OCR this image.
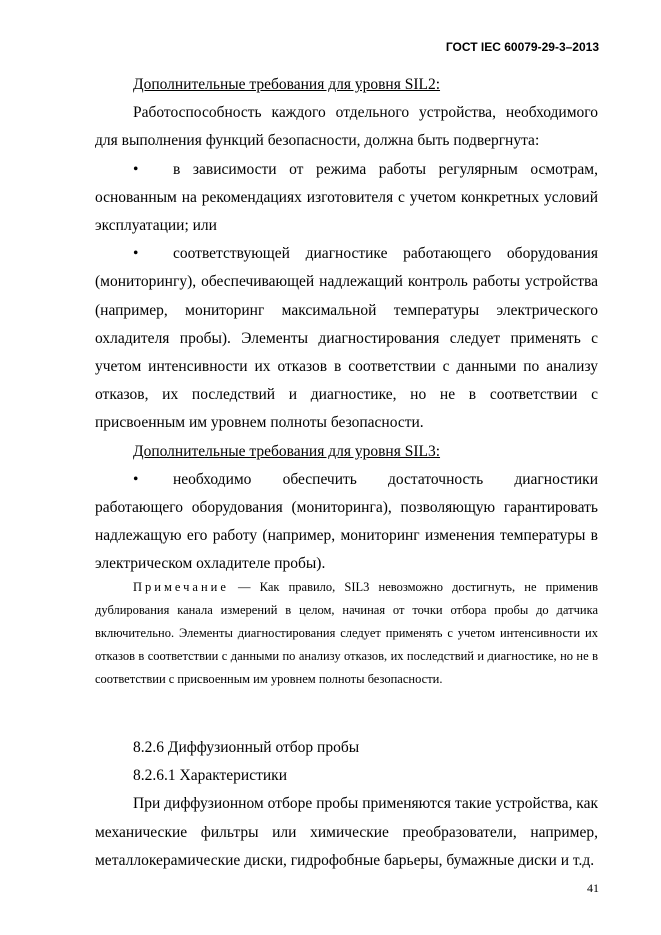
ГОСТ IEC 60079-29-3–2013

Дополнительные требования для уровня SIL2:

Работоспособность каждого отдельного устройства, необходимого для выполнения функций безопасности, должна быть подвергнута:

• в зависимости от режима работы регулярным осмотрам, основанным на рекомендациях изготовителя с учетом конкретных условий эксплуатации; или

• соответствующей диагностике работающего оборудования (мониторингу), обеспечивающей надлежащий контроль работы устройства (например, мониторинг максимальной температуры электрического охладителя пробы). Элементы диагностирования следует применять с учетом интенсивности их отказов в соответствии с данными по анализу отказов, их последствий и диагностике, но не в соответствии с присвоенным им уровнем полноты безопасности.

Дополнительные требования для уровня SIL3:

• необходимо обеспечить достаточность диагностики работающего оборудования (мониторинга), позволяющую гарантировать надлежащую его работу (например, мониторинг изменения температуры в электрическом охладителе пробы).

Примечание — Как правило, SIL3 невозможно достигнуть, не применив дублирования канала измерений в целом, начиная от точки отбора пробы до датчика включительно. Элементы диагностирования следует применять с учетом интенсивности их отказов в соответствии с данными по анализу отказов, их последствий и диагностике, но не в соответствии с присвоенным им уровнем полноты безопасности.

8.2.6 Диффузионный отбор пробы

8.2.6.1 Характеристики

При диффузионном отборе пробы применяются такие устройства, как механические фильтры или химические преобразователи, например, металлокерамические диски, гидрофобные барьеры, бумажные диски и т.д.

41
